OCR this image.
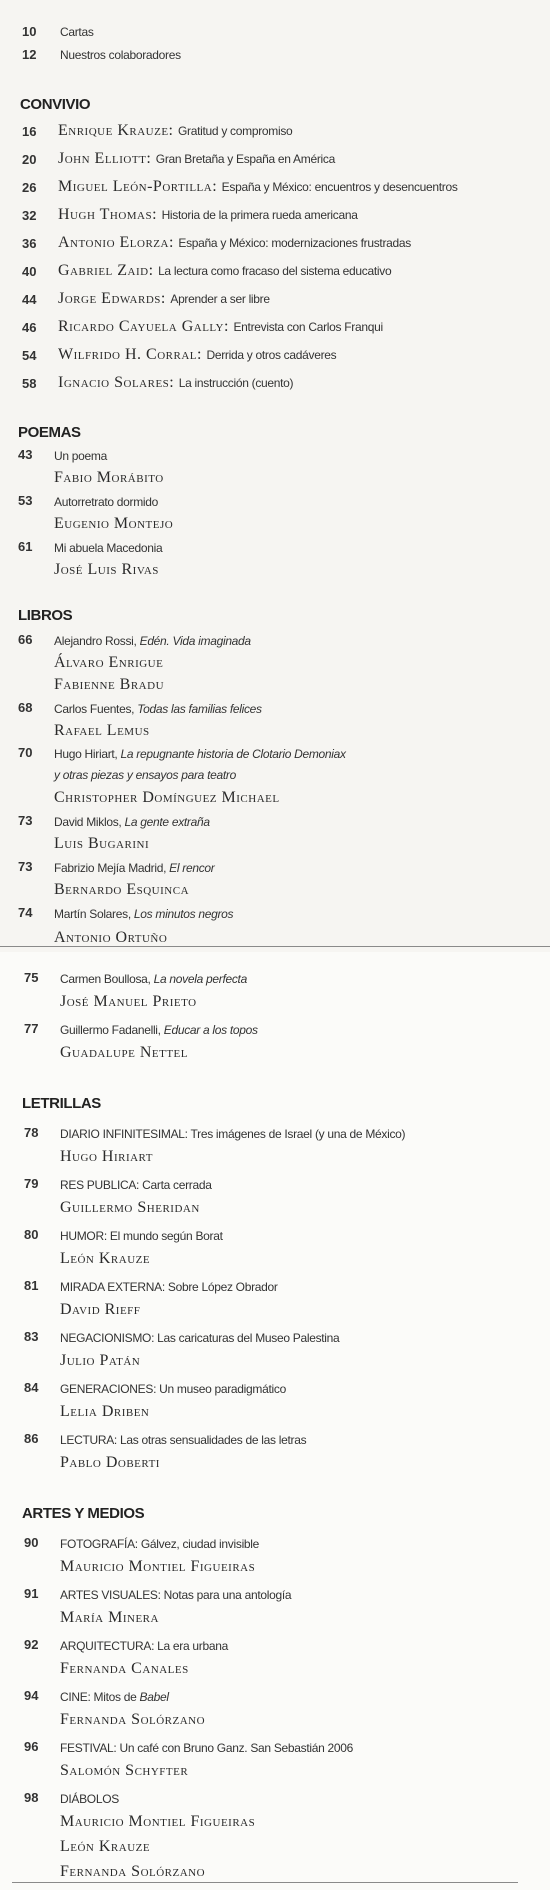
10	Cartas
12	Nuestros colaboradores
CONVIVIO
16	Enrique Krauze: Gratitud y compromiso
20	John Elliott: Gran Bretaña y España en América
26	Miguel León-Portilla: España y México: encuentros y desencuentros
32	Hugh Thomas: Historia de la primera rueda americana
36	Antonio Elorza: España y México: modernizaciones frustradas
40	Gabriel Zaid: La lectura como fracaso del sistema educativo
44	Jorge Edwards: Aprender a ser libre
46	Ricardo Cayuela Gally: Entrevista con Carlos Franqui
54	Wilfrido H. Corral: Derrida y otros cadáveres
58	Ignacio Solares: La instrucción (cuento)
POEMAS
43	Un poema
Fabio Morábito
53	Autorretrato dormido
Eugenio Montejo
61	Mi abuela Macedonia
José Luis Rivas
LIBROS
66	Alejandro Rossi, Edén. Vida imaginada
Álvaro Enrigue
Fabienne Bradu
68	Carlos Fuentes, Todas las familias felices
Rafael Lemus
70	Hugo Hiriart, La repugnante historia de Clotario Demoniax
y otras piezas y ensayos para teatro
Christopher Domínguez Michael
73	David Miklos, La gente extraña
Luis Bugarini
73	Fabrizio Mejía Madrid, El rencor
Bernardo Esquinca
74	Martín Solares, Los minutos negros
Antonio Ortuño
75	Carmen Boullosa, La novela perfecta
José Manuel Prieto
77	Guillermo Fadanelli, Educar a los topos
Guadalupe Nettel
LETRILLAS
78	DIARIO INFINITESIMAL: Tres imágenes de Israel (y una de México)
Hugo Hiriart
79	RES PUBLICA: Carta cerrada
Guillermo Sheridan
80	HUMOR: El mundo según Borat
León Krauze
81	MIRADA EXTERNA: Sobre López Obrador
David Rieff
83	NEGACIONISMO: Las caricaturas del Museo Palestina
Julio Patán
84	GENERACIONES: Un museo paradigmático
Lelia Driben
86	LECTURA: Las otras sensualidades de las letras
Pablo Doberti
ARTES Y MEDIOS
90	FOTOGRAFÍA: Gálvez, ciudad invisible
Mauricio Montiel Figueiras
91	ARTES VISUALES: Notas para una antología
María Minera
92	ARQUITECTURA: La era urbana
Fernanda Canales
94	CINE: Mitos de Babel
Fernanda Solórzano
96	FESTIVAL: Un café con Bruno Ganz. San Sebastián 2006
Salomón Schyfter
98	DIÁBOLOS
Mauricio Montiel Figueiras
León Krauze
Fernanda Solórzano
